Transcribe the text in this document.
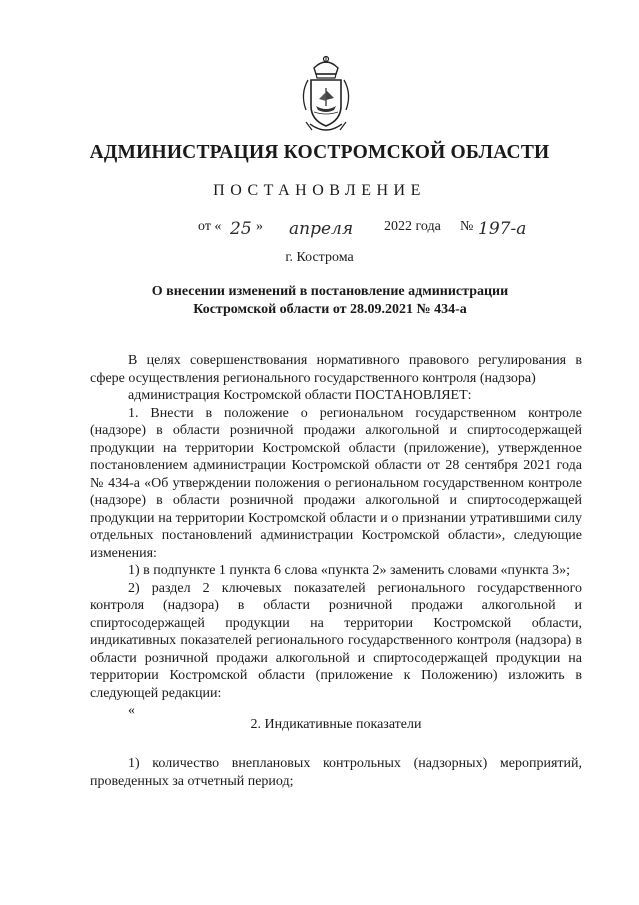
АДМИНИСТРАЦИЯ КОСТРОМСКОЙ ОБЛАСТИ
ПОСТАНОВЛЕНИЕ
от « 25 » апреля 2022 года № 197-а
г. Кострома
О внесении изменений в постановление администрации
Костромской области от 28.09.2021 № 434-а

В целях совершенствования нормативного правового регулирования в сфере осуществления регионального государственного контроля (надзора)

администрация Костромской области ПОСТАНОВЛЯЕТ:

1. Внести в положение о региональном государственном контроле (надзоре) в области розничной продажи алкогольной и спиртосодержащей продукции на территории Костромской области (приложение), утвержденное постановлением администрации Костромской области от 28 сентября 2021 года № 434-а «Об утверждении положения о региональном государственном контроле (надзоре) в области розничной продажи алкогольной и спиртосодержащей продукции на территории Костромской области и о признании утратившими силу отдельных постановлений администрации Костромской области», следующие изменения:

1) в подпункте 1 пункта 6 слова «пункта 2» заменить словами «пункта 3»;

2) раздел 2 ключевых показателей регионального государственного контроля (надзора) в области розничной продажи алкогольной и спиртосодержащей продукции на территории Костромской области, индикативных показателей регионального государственного контроля (надзора) в области розничной продажи алкогольной и спиртосодержащей продукции на территории Костромской области (приложение к Положению) изложить в следующей редакции:

«

2. Индикативные показатели

1) количество внеплановых контрольных (надзорных) мероприятий, проведенных за отчетный период;
